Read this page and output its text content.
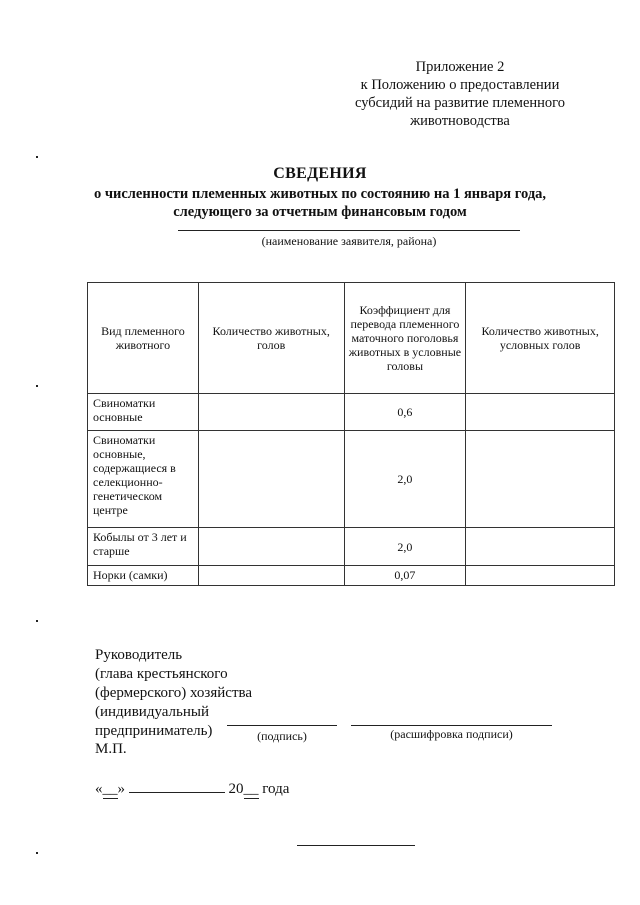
Приложение 2
к Положению о предоставлении
субсидий на развитие племенного
животноводства
СВЕДЕНИЯ
о численности племенных животных по состоянию на 1 января года,
следующего за отчетным финансовым годом
(наименование заявителя, района)
Вид племенного животного	Количество животных, голов	Коэффициент для перевода племенного маточного поголовья животных в условные головы	Количество животных, условных голов
Свиноматки основные		0,6	
Свиноматки основные, содержащиеся в селекционно-генетическом центре		2,0	
Кобылы от 3 лет и старше		2,0	
Норки (самки)		0,07	
Руководитель
(глава крестьянского
(фермерского) хозяйства
(индивидуальный
предприниматель)	(подпись)	(расшифровка подписи)
М.П.
«__»	20__ года
